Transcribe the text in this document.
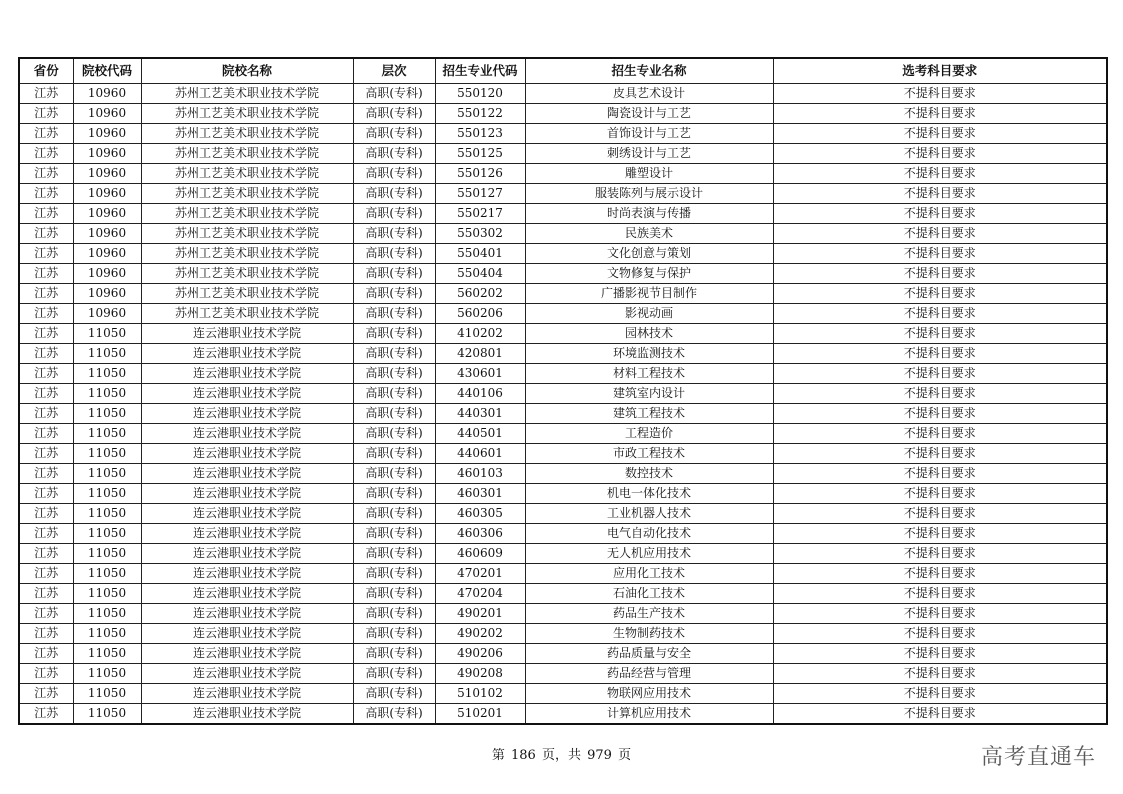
省份	院校代码	院校名称	层次	招生专业代码	招生专业名称	选考科目要求
江苏	10960	苏州工艺美术职业技术学院	高职(专科)	550120	皮具艺术设计	不提科目要求
江苏	10960	苏州工艺美术职业技术学院	高职(专科)	550122	陶瓷设计与工艺	不提科目要求
江苏	10960	苏州工艺美术职业技术学院	高职(专科)	550123	首饰设计与工艺	不提科目要求
江苏	10960	苏州工艺美术职业技术学院	高职(专科)	550125	刺绣设计与工艺	不提科目要求
江苏	10960	苏州工艺美术职业技术学院	高职(专科)	550126	雕塑设计	不提科目要求
江苏	10960	苏州工艺美术职业技术学院	高职(专科)	550127	服装陈列与展示设计	不提科目要求
江苏	10960	苏州工艺美术职业技术学院	高职(专科)	550217	时尚表演与传播	不提科目要求
江苏	10960	苏州工艺美术职业技术学院	高职(专科)	550302	民族美术	不提科目要求
江苏	10960	苏州工艺美术职业技术学院	高职(专科)	550401	文化创意与策划	不提科目要求
江苏	10960	苏州工艺美术职业技术学院	高职(专科)	550404	文物修复与保护	不提科目要求
江苏	10960	苏州工艺美术职业技术学院	高职(专科)	560202	广播影视节目制作	不提科目要求
江苏	10960	苏州工艺美术职业技术学院	高职(专科)	560206	影视动画	不提科目要求
江苏	11050	连云港职业技术学院	高职(专科)	410202	园林技术	不提科目要求
江苏	11050	连云港职业技术学院	高职(专科)	420801	环境监测技术	不提科目要求
江苏	11050	连云港职业技术学院	高职(专科)	430601	材料工程技术	不提科目要求
江苏	11050	连云港职业技术学院	高职(专科)	440106	建筑室内设计	不提科目要求
江苏	11050	连云港职业技术学院	高职(专科)	440301	建筑工程技术	不提科目要求
江苏	11050	连云港职业技术学院	高职(专科)	440501	工程造价	不提科目要求
江苏	11050	连云港职业技术学院	高职(专科)	440601	市政工程技术	不提科目要求
江苏	11050	连云港职业技术学院	高职(专科)	460103	数控技术	不提科目要求
江苏	11050	连云港职业技术学院	高职(专科)	460301	机电一体化技术	不提科目要求
江苏	11050	连云港职业技术学院	高职(专科)	460305	工业机器人技术	不提科目要求
江苏	11050	连云港职业技术学院	高职(专科)	460306	电气自动化技术	不提科目要求
江苏	11050	连云港职业技术学院	高职(专科)	460609	无人机应用技术	不提科目要求
江苏	11050	连云港职业技术学院	高职(专科)	470201	应用化工技术	不提科目要求
江苏	11050	连云港职业技术学院	高职(专科)	470204	石油化工技术	不提科目要求
江苏	11050	连云港职业技术学院	高职(专科)	490201	药品生产技术	不提科目要求
江苏	11050	连云港职业技术学院	高职(专科)	490202	生物制药技术	不提科目要求
江苏	11050	连云港职业技术学院	高职(专科)	490206	药品质量与安全	不提科目要求
江苏	11050	连云港职业技术学院	高职(专科)	490208	药品经营与管理	不提科目要求
江苏	11050	连云港职业技术学院	高职(专科)	510102	物联网应用技术	不提科目要求
江苏	11050	连云港职业技术学院	高职(专科)	510201	计算机应用技术	不提科目要求
第 186 页，共 979 页	高考直通车
